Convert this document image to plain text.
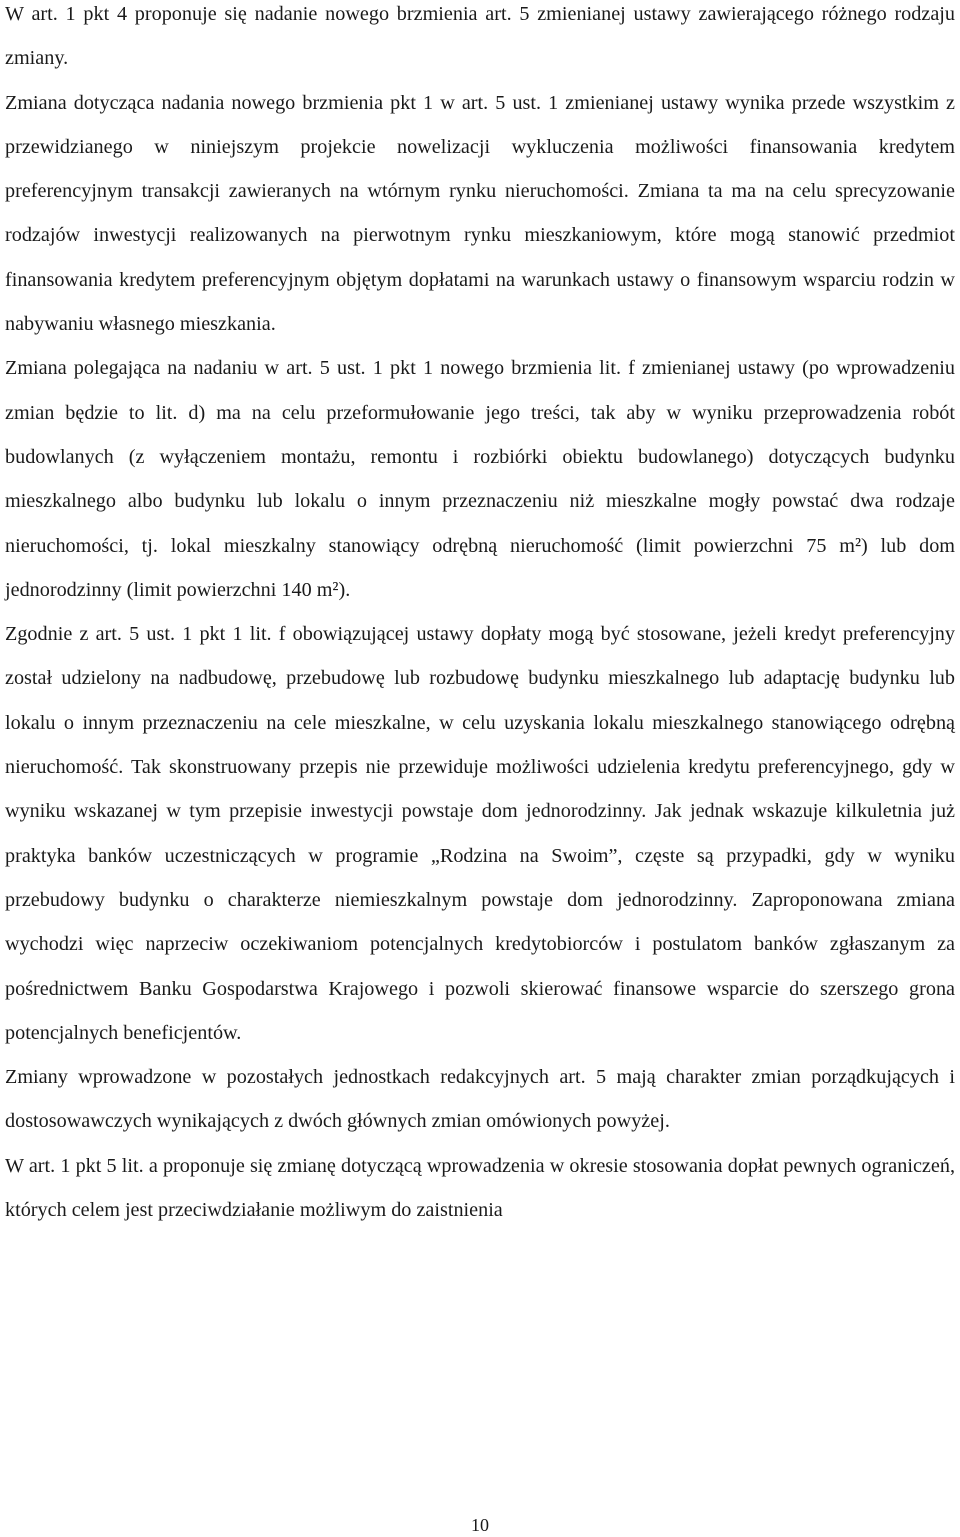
W art. 1 pkt 4 proponuje się nadanie nowego brzmienia art. 5 zmienianej ustawy zawierającego różnego rodzaju zmiany.

Zmiana dotycząca nadania nowego brzmienia pkt 1 w art. 5 ust. 1 zmienianej ustawy wynika przede wszystkim z przewidzianego w niniejszym projekcie nowelizacji wykluczenia możliwości finansowania kredytem preferencyjnym transakcji zawieranych na wtórnym rynku nieruchomości. Zmiana ta ma na celu sprecyzowanie rodzajów inwestycji realizowanych na pierwotnym rynku mieszkaniowym, które mogą stanowić przedmiot finansowania kredytem preferencyjnym objętym dopłatami na warunkach ustawy o finansowym wsparciu rodzin w nabywaniu własnego mieszkania.

Zmiana polegająca na nadaniu w art. 5 ust. 1 pkt 1 nowego brzmienia lit. f zmienianej ustawy (po wprowadzeniu zmian będzie to lit. d) ma na celu przeformułowanie jego treści, tak aby w wyniku przeprowadzenia robót budowlanych (z wyłączeniem montażu, remontu i rozbiórki obiektu budowlanego) dotyczących budynku mieszkalnego albo budynku lub lokalu o innym przeznaczeniu niż mieszkalne mogły powstać dwa rodzaje nieruchomości, tj. lokal mieszkalny stanowiący odrębną nieruchomość (limit powierzchni 75 m²) lub dom jednorodzinny (limit powierzchni 140 m²).

Zgodnie z art. 5 ust. 1 pkt 1 lit. f obowiązującej ustawy dopłaty mogą być stosowane, jeżeli kredyt preferencyjny został udzielony na nadbudowę, przebudowę lub rozbudowę budynku mieszkalnego lub adaptację budynku lub lokalu o innym przeznaczeniu na cele mieszkalne, w celu uzyskania lokalu mieszkalnego stanowiącego odrębną nieruchomość. Tak skonstruowany przepis nie przewiduje możliwości udzielenia kredytu preferencyjnego, gdy w wyniku wskazanej w tym przepisie inwestycji powstaje dom jednorodzinny. Jak jednak wskazuje kilkuletnia już praktyka banków uczestniczących w programie „Rodzina na Swoim”, częste są przypadki, gdy w wyniku przebudowy budynku o charakterze niemieszkalnym powstaje dom jednorodzinny. Zaproponowana zmiana wychodzi więc naprzeciw oczekiwaniom potencjalnych kredytobiorców i postulatom banków zgłaszanym za pośrednictwem Banku Gospodarstwa Krajowego i pozwoli skierować finansowe wsparcie do szerszego grona potencjalnych beneficjentów.

Zmiany wprowadzone w pozostałych jednostkach redakcyjnych art. 5 mają charakter zmian porządkujących i dostosowawczych wynikających z dwóch głównych zmian omówionych powyżej.

W art. 1 pkt 5 lit. a proponuje się zmianę dotyczącą wprowadzenia w okresie stosowania dopłat pewnych ograniczeń, których celem jest przeciwdziałanie możliwym do zaistnienia

10
